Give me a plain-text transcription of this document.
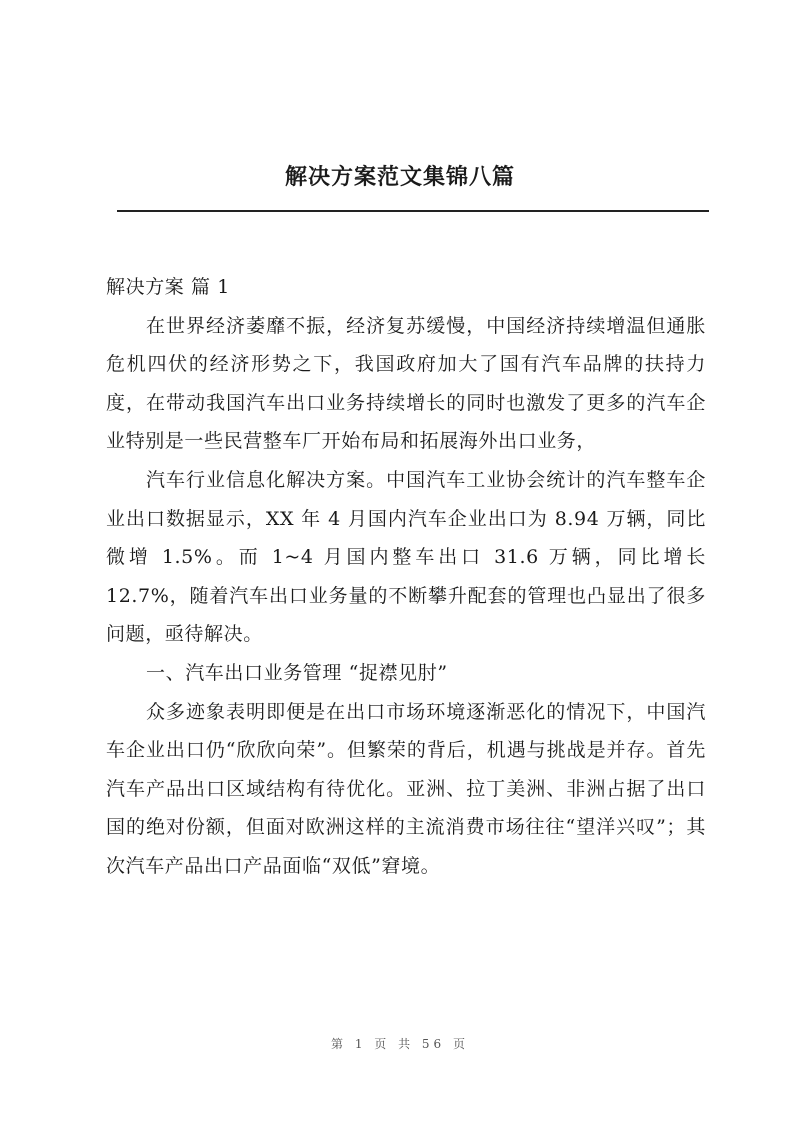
解决方案范文集锦八篇

解决方案 篇 1

在世界经济萎靡不振，经济复苏缓慢，中国经济持续增温但通胀危机四伏的经济形势之下，我国政府加大了国有汽车品牌的扶持力度，在带动我国汽车出口业务持续增长的同时也激发了更多的汽车企业特别是一些民营整车厂开始布局和拓展海外出口业务，

汽车行业信息化解决方案。中国汽车工业协会统计的汽车整车企业出口数据显示，XX 年 4 月国内汽车企业出口为 8.94 万辆，同比微增 1.5%。而 1~4 月国内整车出口 31.6 万辆，同比增长 12.7%，随着汽车出口业务量的不断攀升配套的管理也凸显出了很多问题，亟待解决。

一、汽车出口业务管理 “捉襟见肘”

众多迹象表明即便是在出口市场环境逐渐恶化的情况下，中国汽车企业出口仍“欣欣向荣”。但繁荣的背后，机遇与挑战是并存。首先汽车产品出口区域结构有待优化。亚洲、拉丁美洲、非洲占据了出口国的绝对份额，但面对欧洲这样的主流消费市场往往“望洋兴叹”；其次汽车产品出口产品面临“双低”窘境。

第 1 页 共 56 页
